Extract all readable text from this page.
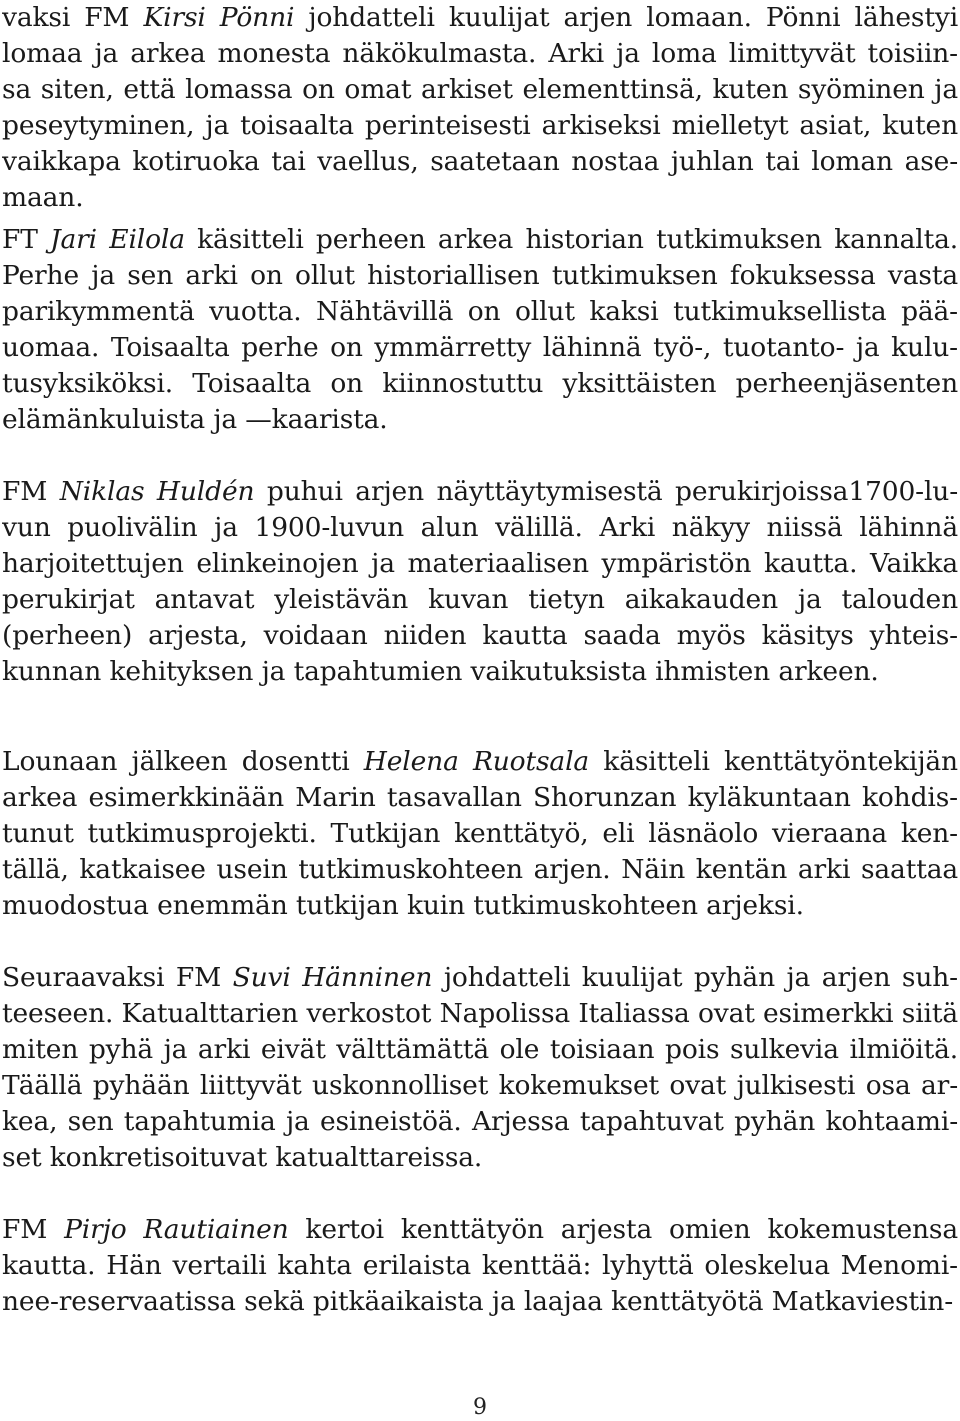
vaksi FM Kirsi Pönni johdatteli kuulijat arjen lomaan. Pönni lähestyi
lomaa ja arkea monesta näkökulmasta. Arki ja loma limittyvät toisiin-
sa siten, että lomassa on omat arkiset elementtinsä, kuten syöminen ja
peseytyminen, ja toisaalta perinteisesti arkiseksi mielletyt asiat, kuten
vaikkapa kotiruoka tai vaellus, saatetaan nostaa juhlan tai loman ase-
maan.
FT Jari Eilola käsitteli perheen arkea historian tutkimuksen kannalta.
Perhe ja sen arki on ollut historiallisen tutkimuksen fokuksessa vasta
parikymmentä vuotta. Nähtävillä on ollut kaksi tutkimuksellista pää-
uomaa. Toisaalta perhe on ymmärretty lähinnä työ-, tuotanto- ja kulu-
tusyksiköksi. Toisaalta on kiinnostuttu yksittäisten perheenjäsenten
elämänkuluista ja —kaarista.
FM Niklas Huldén puhui arjen näyttäytymisestä perukirjoissa1700-lu-
vun puolivälin ja 1900-luvun alun välillä. Arki näkyy niissä lähinnä
harjoitettujen elinkeinojen ja materiaalisen ympäristön kautta. Vaikka
perukirjat antavat yleistävän kuvan tietyn aikakauden ja talouden
(perheen) arjesta, voidaan niiden kautta saada myös käsitys yhteis-
kunnan kehityksen ja tapahtumien vaikutuksista ihmisten arkeen.
Lounaan jälkeen dosentti Helena Ruotsala käsitteli kenttätyöntekijän
arkea esimerkkinään Marin tasavallan Shorunzan kyläkuntaan kohdis-
tunut tutkimusprojekti. Tutkijan kenttätyö, eli läsnäolo vieraana ken-
tällä, katkaisee usein tutkimuskohteen arjen. Näin kentän arki saattaa
muodostua enemmän tutkijan kuin tutkimuskohteen arjeksi.
Seuraavaksi FM Suvi Hänninen johdatteli kuulijat pyhän ja arjen suh-
teeseen. Katualttarien verkostot Napolissa Italiassa ovat esimerkki siitä
miten pyhä ja arki eivät välttämättä ole toisiaan pois sulkevia ilmiöitä.
Täällä pyhään liittyvät uskonnolliset kokemukset ovat julkisesti osa ar-
kea, sen tapahtumia ja esineistöä. Arjessa tapahtuvat pyhän kohtaami-
set konkretisoituvat katualttareissa.
FM Pirjo Rautiainen kertoi kenttätyön arjesta omien kokemustensa
kautta. Hän vertaili kahta erilaista kenttää: lyhyttä oleskelua Menomi-
nee-reservaatissa sekä pitkäaikaista ja laajaa kenttätyötä Matkaviestin-
9
